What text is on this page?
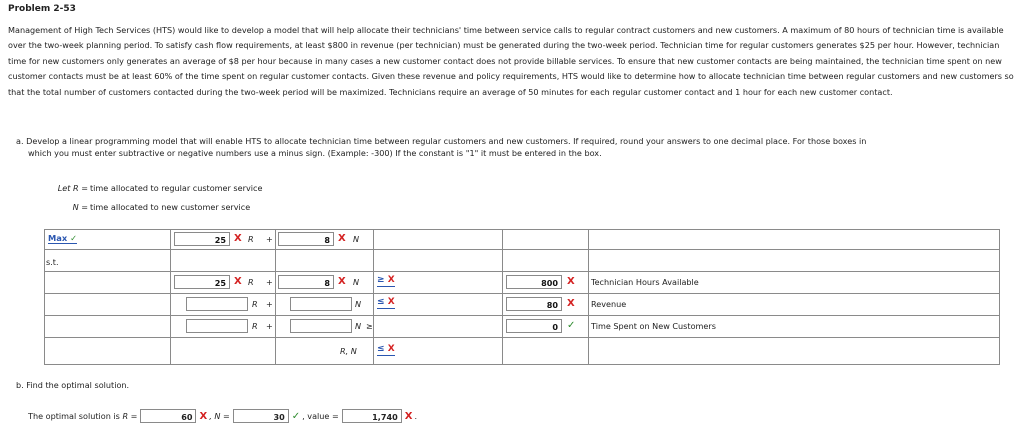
Problem 2-53
Management of High Tech Services (HTS) would like to develop a model that will help allocate their technicians' time between service calls to regular contract customers and new customers. A maximum of 80 hours of technician time is available over the two-week planning period. To satisfy cash flow requirements, at least $800 in revenue (per technician) must be generated during the two-week period. Technician time for regular customers generates $25 per hour. However, technician time for new customers only generates an average of $8 per hour because in many cases a new customer contact does not provide billable services. To ensure that new customer contacts are being maintained, the technician time spent on new customer contacts must be at least 60% of the time spent on regular customer contacts. Given these revenue and policy requirements, HTS would like to determine how to allocate technician time between regular customers and new customers so that the total number of customers contacted during the two-week period will be maximized. Technicians require an average of 50 minutes for each regular customer contact and 1 hour for each new customer contact.
a. Develop a linear programming model that will enable HTS to allocate technician time between regular customers and new customers. If required, round your answers to one decimal place. For those boxes in
which you must enter subtractive or negative numbers use a minus sign. (Example: -300) If the constant is "1" it must be entered in the box.
Let R = time allocated to regular customer service
N = time allocated to new customer service
Max ✓	25 X R +	8 X N
s.t.
25 X R +	8 X N ≥ X	800 X Technician Hours Available
R +	N ≤ X	80 X Revenue
R +	N ≥	0 ✓ Time Spent on New Customers
R, N ≤ X
b. Find the optimal solution.
The optimal solution is
R =	60 X , N =	30 ✓ , value =	1,740 X .
